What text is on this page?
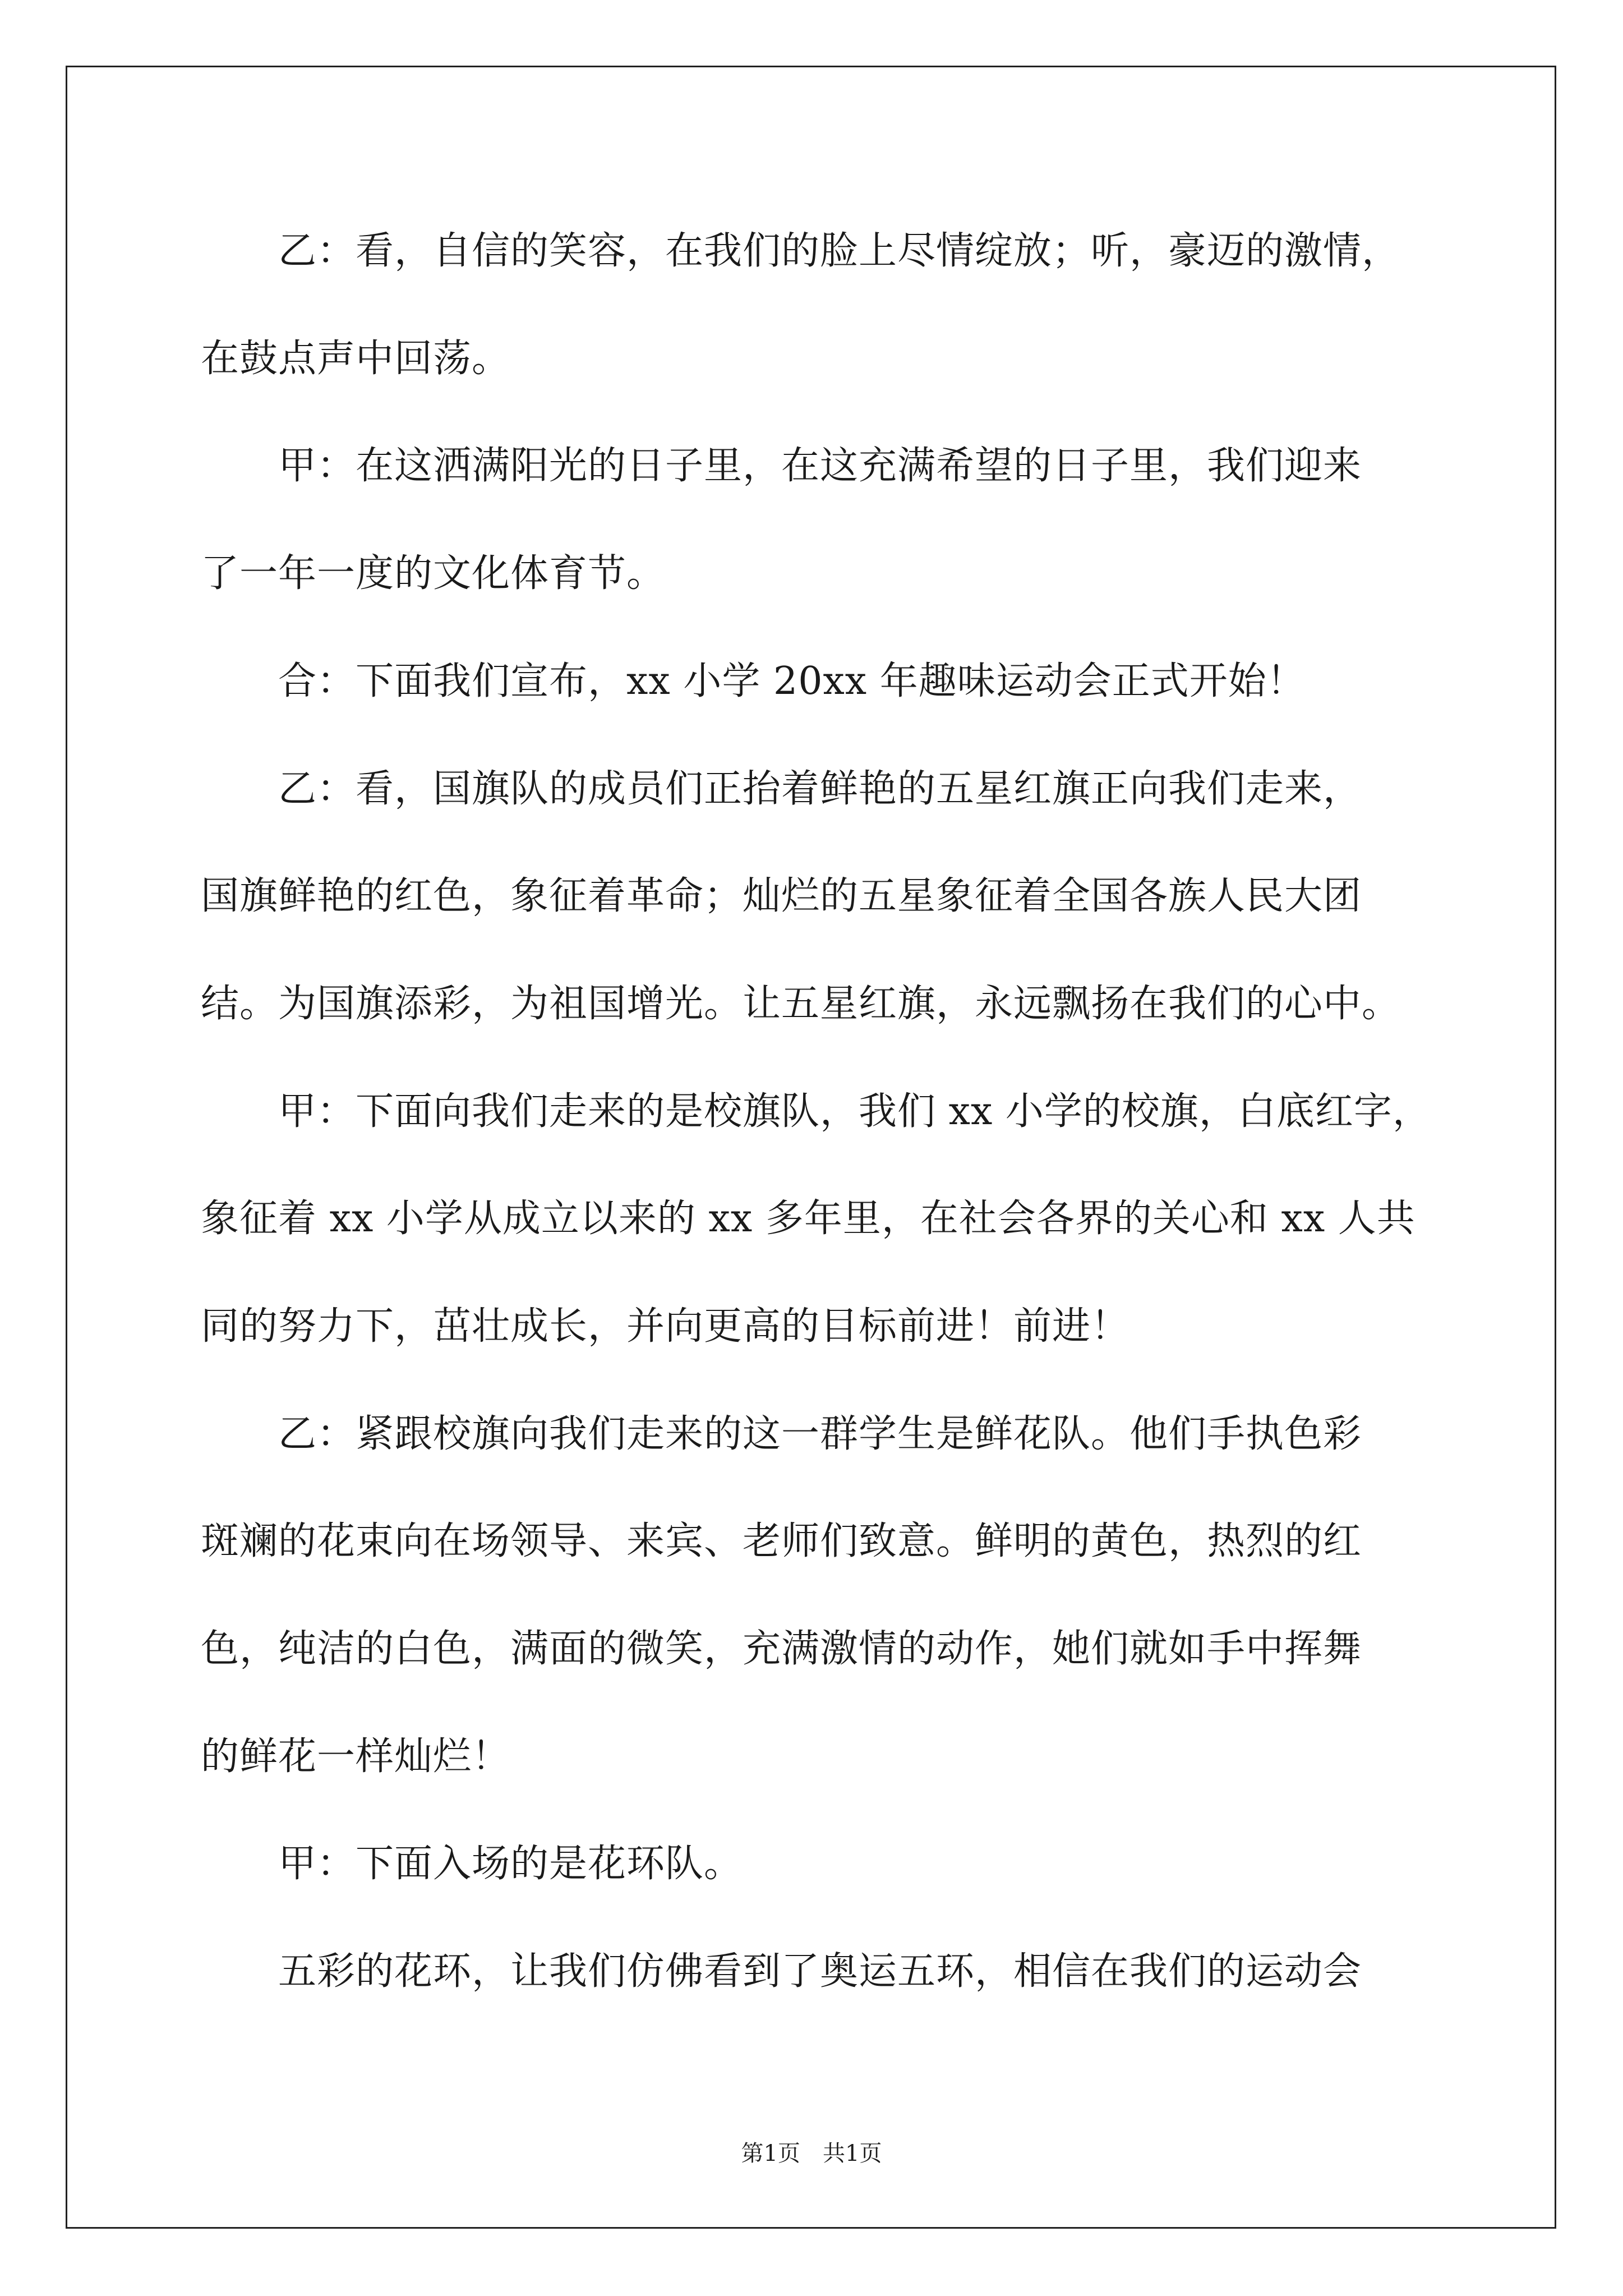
　　乙：看，自信的笑容，在我们的脸上尽情绽放；听，豪迈的激情，
在鼓点声中回荡。
　　甲：在这洒满阳光的日子里，在这充满希望的日子里，我们迎来
了一年一度的文化体育节。
　　合：下面我们宣布，xx 小学 20xx 年趣味运动会正式开始！
　　乙：看，国旗队的成员们正抬着鲜艳的五星红旗正向我们走来，
国旗鲜艳的红色，象征着革命；灿烂的五星象征着全国各族人民大团
结。为国旗添彩，为祖国增光。让五星红旗，永远飘扬在我们的心中。
　　甲：下面向我们走来的是校旗队，我们 xx 小学的校旗，白底红字，
象征着 xx 小学从成立以来的 xx 多年里，在社会各界的关心和 xx 人共
同的努力下，茁壮成长，并向更高的目标前进！前进！
　　乙：紧跟校旗向我们走来的这一群学生是鲜花队。他们手执色彩
斑斓的花束向在场领导、来宾、老师们致意。鲜明的黄色，热烈的红
色，纯洁的白色，满面的微笑，充满激情的动作，她们就如手中挥舞
的鲜花一样灿烂！
　　甲：下面入场的是花环队。
　　五彩的花环，让我们仿佛看到了奥运五环，相信在我们的运动会
第1页　共1页
